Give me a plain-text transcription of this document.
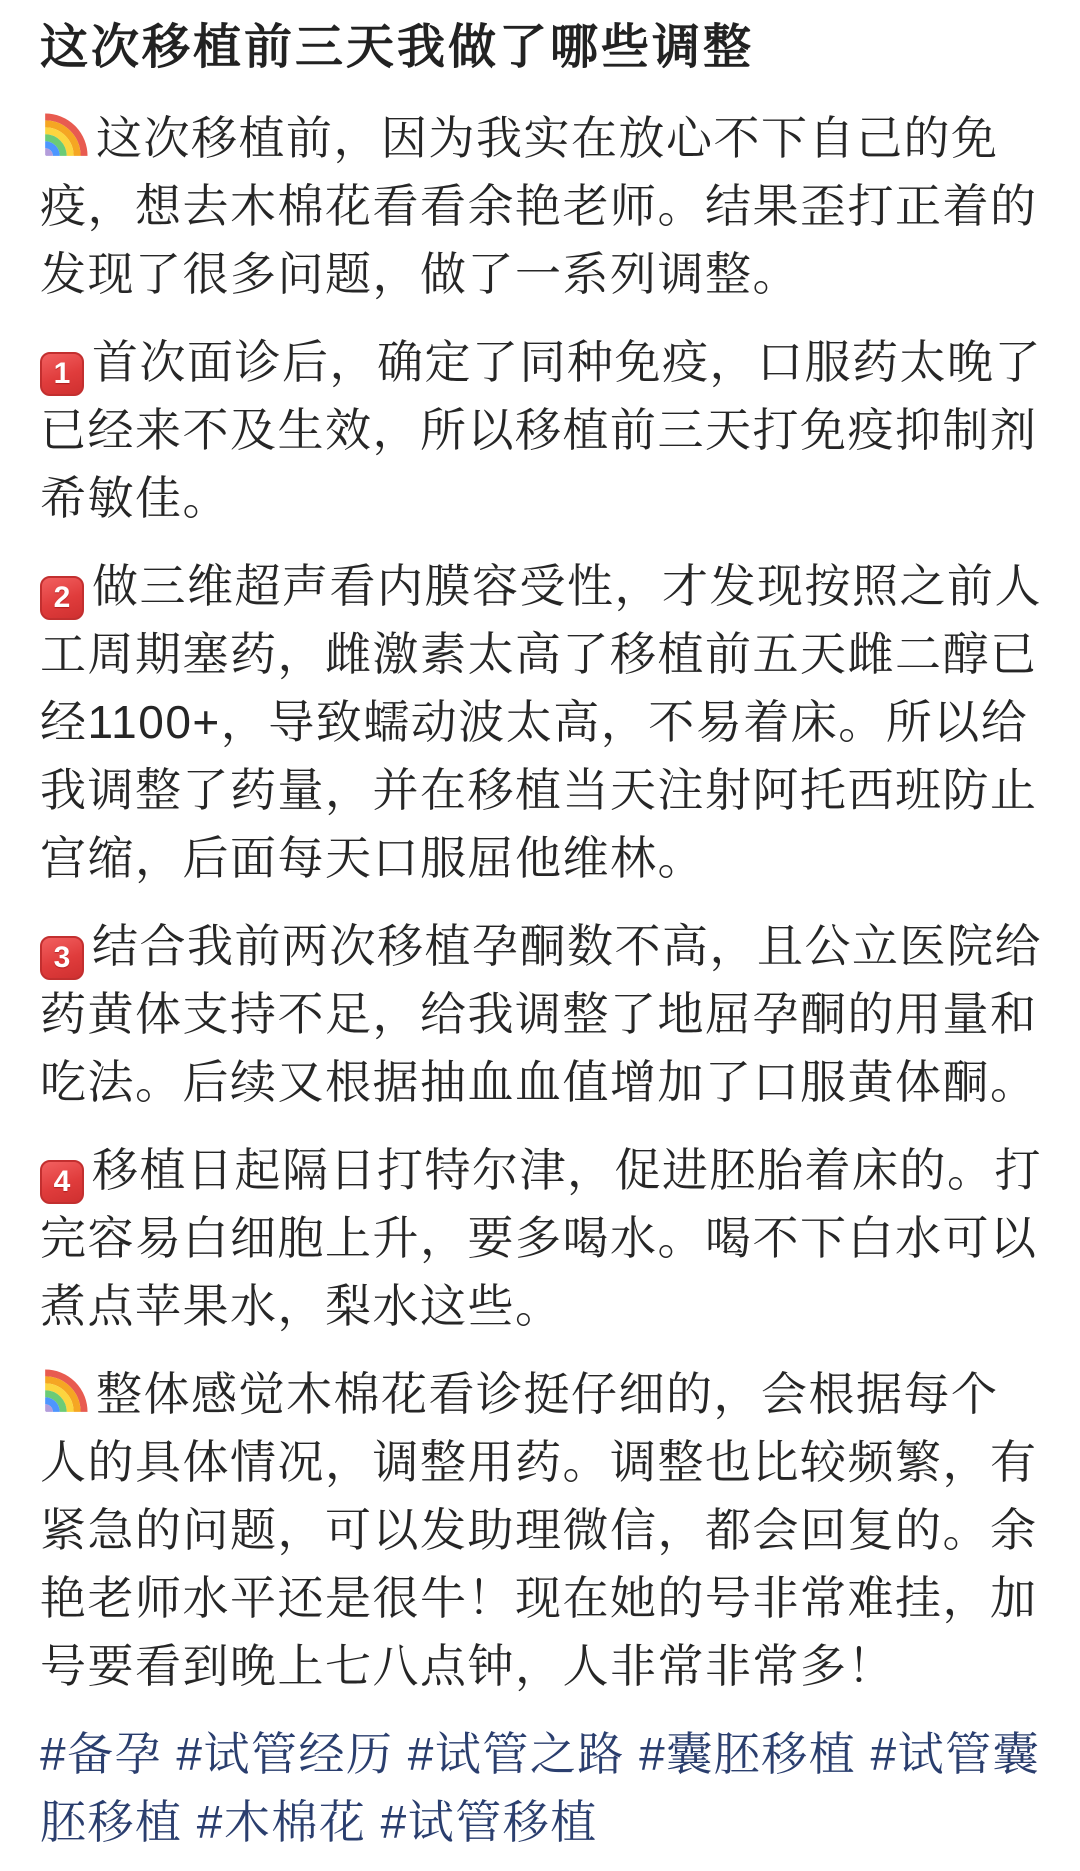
这次移植前三天我做了哪些调整

这次移植前，因为我实在放心不下自己的免疫，想去木棉花看看余艳老师。结果歪打正着的发现了很多问题，做了一系列调整。

1 首次面诊后，确定了同种免疫，口服药太晚了已经来不及生效，所以移植前三天打免疫抑制剂希敏佳。

2 做三维超声看内膜容受性，才发现按照之前人工周期塞药，雌激素太高了移植前五天雌二醇已经1100+，导致蠕动波太高，不易着床。所以给我调整了药量，并在移植当天注射阿托西班防止宫缩，后面每天口服屈他维林。

3 结合我前两次移植孕酮数不高，且公立医院给药黄体支持不足，给我调整了地屈孕酮的用量和吃法。后续又根据抽血血值增加了口服黄体酮。

4 移植日起隔日打特尔津，促进胚胎着床的。打完容易白细胞上升，要多喝水。喝不下白水可以煮点苹果水，梨水这些。

整体感觉木棉花看诊挺仔细的，会根据每个人的具体情况，调整用药。调整也比较频繁，有紧急的问题，可以发助理微信，都会回复的。余艳老师水平还是很牛！现在她的号非常难挂，加号要看到晚上七八点钟，人非常非常多！

#备孕 #试管经历 #试管之路 #囊胚移植 #试管囊胚移植 #木棉花 #试管移植
